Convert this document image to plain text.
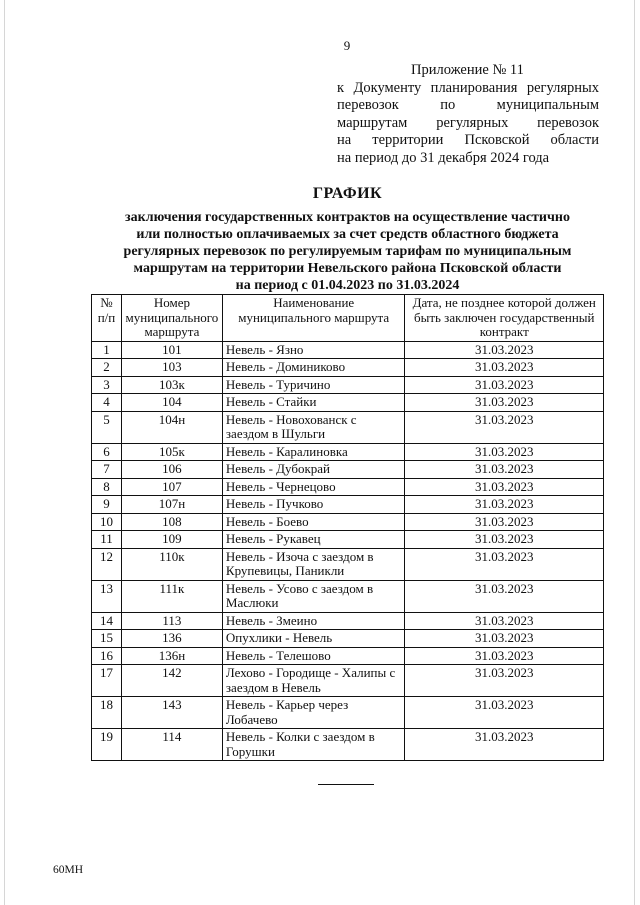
9
Приложение № 11
к Документу планирования регулярных
перевозок по муниципальным
маршрутам регулярных перевозок
на территории Псковской области
на период до 31 декабря 2024 года
ГРАФИК
заключения государственных контрактов на осуществление частично
или полностью оплачиваемых за счет средств областного бюджета
регулярных перевозок по регулируемым тарифам по муниципальным
маршрутам на территории Невельского района Псковской области
на период с 01.04.2023 по 31.03.2024
№ п/п	Номер муниципального маршрута	Наименование муниципального маршрута	Дата, не позднее которой должен быть заключен государственный контракт
1	101	Невель - Язно	31.03.2023
2	103	Невель - Доминиково	31.03.2023
3	103к	Невель - Туричино	31.03.2023
4	104	Невель - Стайки	31.03.2023
5	104н	Невель - Новохованск с заездом в Шульги	31.03.2023
6	105к	Невель - Каралиновка	31.03.2023
7	106	Невель - Дубокрай	31.03.2023
8	107	Невель - Чернецово	31.03.2023
9	107н	Невель - Пучково	31.03.2023
10	108	Невель - Боево	31.03.2023
11	109	Невель - Рукавец	31.03.2023
12	110к	Невель - Изоча с заездом в Крупевицы, Паникли	31.03.2023
13	111к	Невель - Усово с заездом в Маслюки	31.03.2023
14	113	Невель - Змеино	31.03.2023
15	136	Опухлики - Невель	31.03.2023
16	136н	Невель - Телешово	31.03.2023
17	142	Лехово - Городище - Халипы с заездом в Невель	31.03.2023
18	143	Невель - Карьер через Лобачево	31.03.2023
19	114	Невель - Колки с заездом в Горушки	31.03.2023
60МН
